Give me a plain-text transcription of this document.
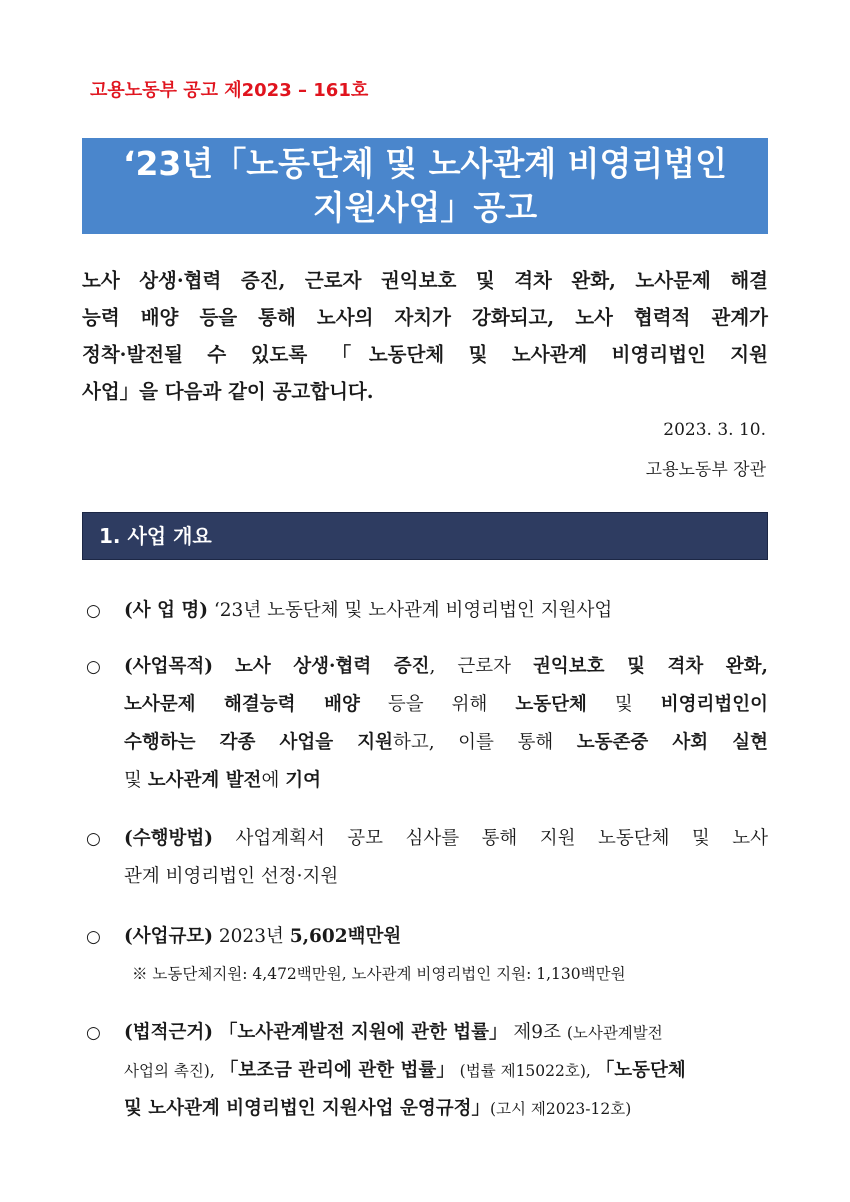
고용노동부 공고 제2023 – 161호
‘23년「노동단체 및 노사관계 비영리법인
지원사업」공고
노사 상생·협력 증진, 근로자 권익보호 및 격차 완화, 노사문제 해결
능력 배양 등을 통해 노사의 자치가 강화되고, 노사 협력적 관계가
정착·발전될 수 있도록 「노동단체 및 노사관계 비영리법인 지원
사업」을 다음과 같이 공고합니다.
2023. 3. 10.
고용노동부 장관
1. 사업 개요
○ (사 업 명) ‘23년 노동단체 및 노사관계 비영리법인 지원사업
○ (사업목적) 노사 상생·협력 증진, 근로자 권익보호 및 격차 완화,
노사문제 해결능력 배양 등을 위해 노동단체 및 비영리법인이
수행하는 각종 사업을 지원하고, 이를 통해 노동존중 사회 실현
및 노사관계 발전에 기여
○ (수행방법) 사업계획서 공모 심사를 통해 지원 노동단체 및 노사
관계 비영리법인 선정·지원
○ (사업규모) 2023년 5,602백만원
※ 노동단체지원: 4,472백만원, 노사관계 비영리법인 지원: 1,130백만원
○ (법적근거) 「노사관계발전 지원에 관한 법률」 제9조 (노사관계발전
사업의 촉진), 「보조금 관리에 관한 법률」 (법률 제15022호), 「노동단체
및 노사관계 비영리법인 지원사업 운영규정」(고시 제2023-12호)
